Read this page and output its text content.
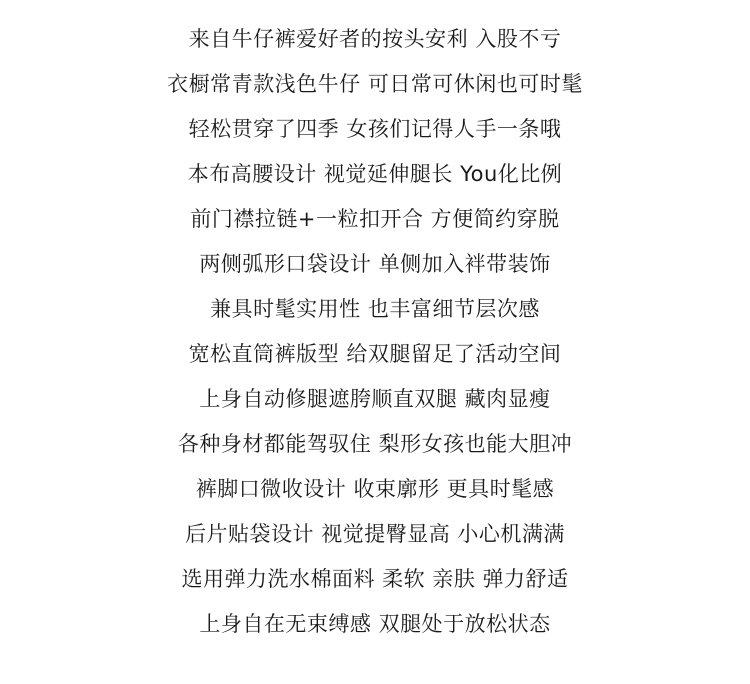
来自牛仔裤爱好者的按头安利 入股不亏
衣橱常青款浅色牛仔 可日常可休闲也可时髦
轻松贯穿了四季 女孩们记得人手一条哦
本布高腰设计 视觉延伸腿长 You化比例
前门襟拉链+一粒扣开合 方便简约穿脱
两侧弧形口袋设计 单侧加入袢带装饰
兼具时髦实用性 也丰富细节层次感
宽松直筒裤版型 给双腿留足了活动空间
上身自动修腿遮胯顺直双腿 藏肉显瘦
各种身材都能驾驭住 梨形女孩也能大胆冲
裤脚口微收设计 收束廓形 更具时髦感
后片贴袋设计 视觉提臀显高 小心机满满
选用弹力洗水棉面料 柔软 亲肤 弹力舒适
上身自在无束缚感 双腿处于放松状态
